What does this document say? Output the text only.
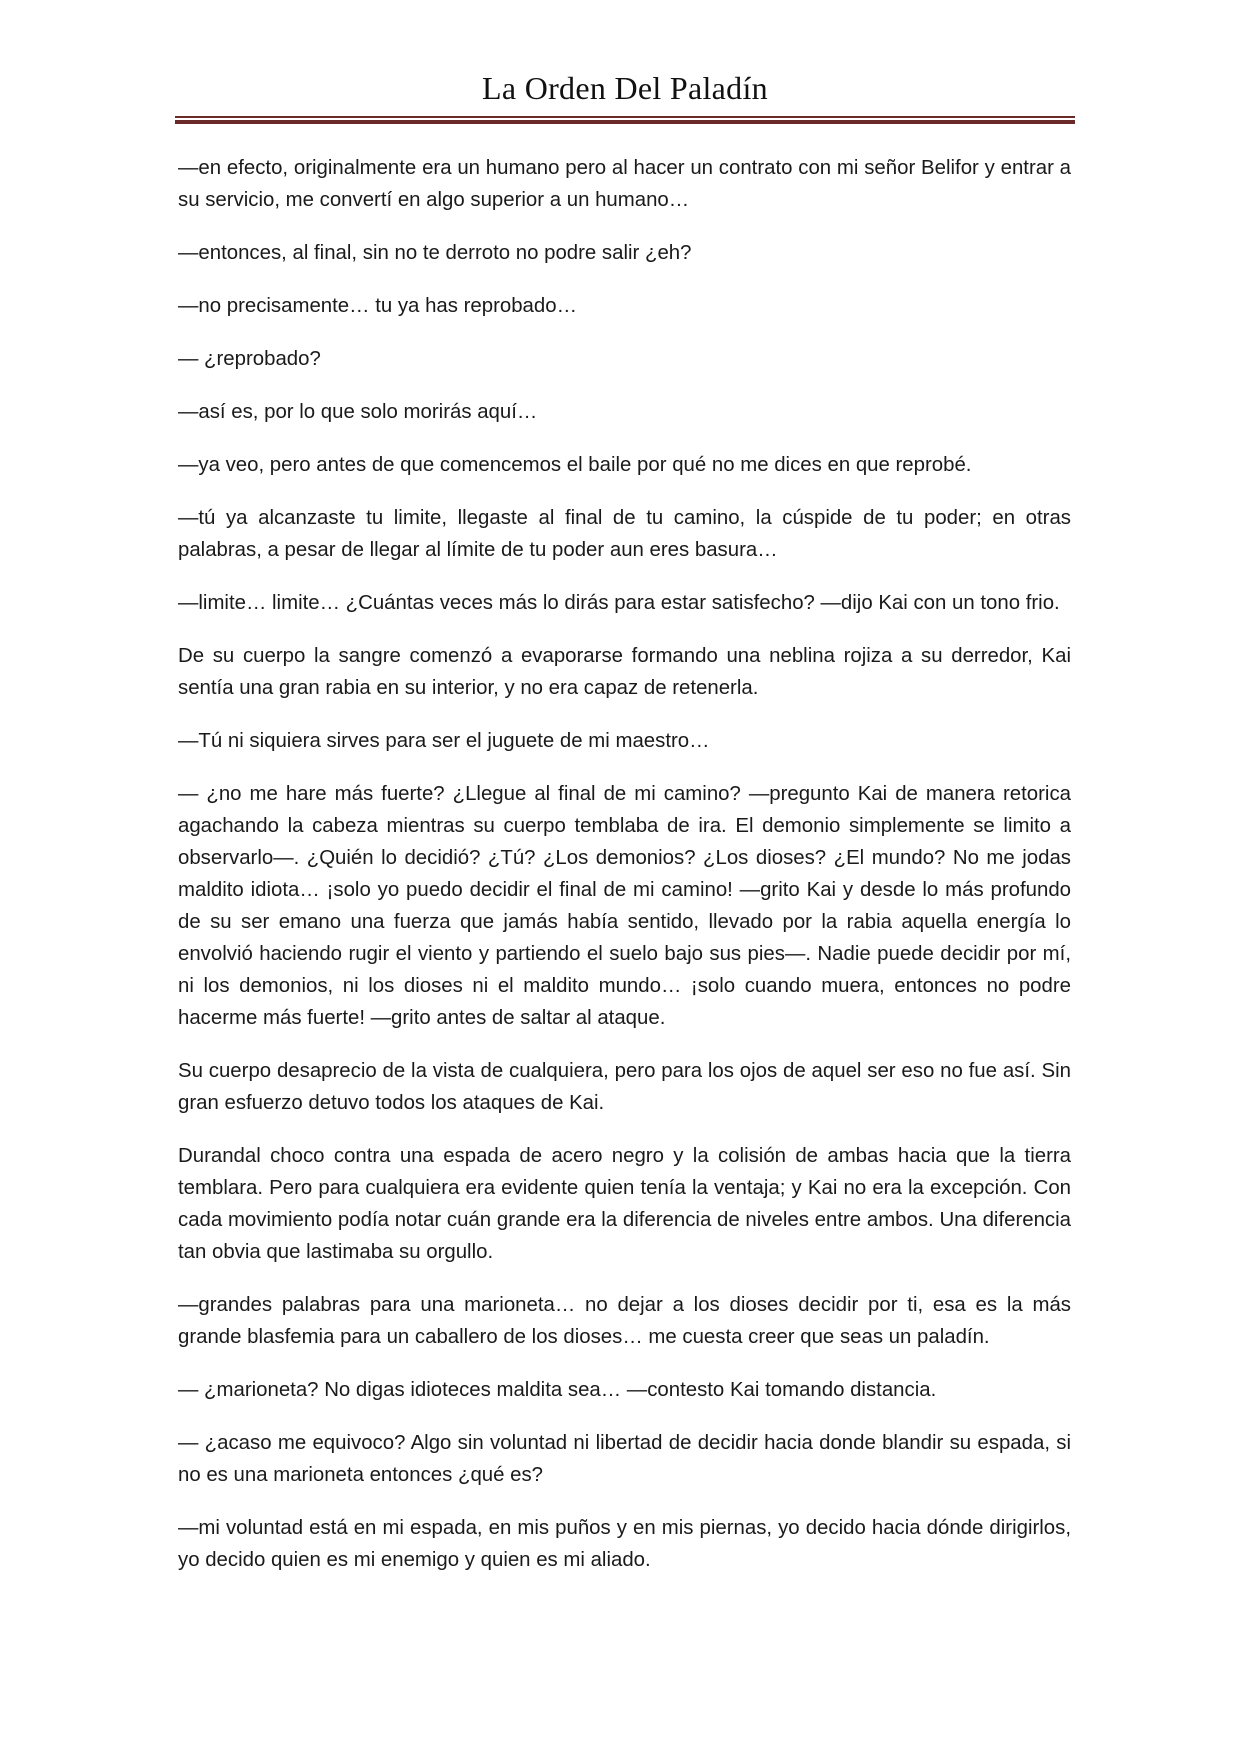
La Orden Del Paladín

—en efecto, originalmente era un humano pero al hacer un contrato con mi señor Belifor y entrar a su servicio, me convertí en algo superior a un humano…

—entonces, al final, sin no te derroto no podre salir ¿eh?

—no precisamente… tu ya has reprobado…

— ¿reprobado?

—así es, por lo que solo morirás aquí…

—ya veo, pero antes de que comencemos el baile por qué no me dices en que reprobé.

—tú ya alcanzaste tu limite, llegaste al final de tu camino, la cúspide de tu poder; en otras palabras, a pesar de llegar al límite de tu poder aun eres basura…

—limite… limite… ¿Cuántas veces más lo dirás para estar satisfecho? —dijo Kai con un tono frio.

De su cuerpo la sangre comenzó a evaporarse formando una neblina rojiza a su derredor, Kai sentía una gran rabia en su interior, y no era capaz de retenerla.

—Tú ni siquiera sirves para ser el juguete de mi maestro…

— ¿no me hare más fuerte? ¿Llegue al final de mi camino? —pregunto Kai de manera retorica agachando la cabeza mientras su cuerpo temblaba de ira. El demonio simplemente se limito a observarlo—. ¿Quién lo decidió? ¿Tú? ¿Los demonios? ¿Los dioses? ¿El mundo? No me jodas maldito idiota… ¡solo yo puedo decidir el final de mi camino! —grito Kai y desde lo más profundo de su ser emano una fuerza que jamás había sentido, llevado por la rabia aquella energía lo envolvió haciendo rugir el viento y partiendo el suelo bajo sus pies—. Nadie puede decidir por mí, ni los demonios, ni los dioses ni el maldito mundo… ¡solo cuando muera, entonces no podre hacerme más fuerte! —grito antes de saltar al ataque.

Su cuerpo desaprecio de la vista de cualquiera, pero para los ojos de aquel ser eso no fue así. Sin gran esfuerzo detuvo todos los ataques de Kai.

Durandal choco contra una espada de acero negro y la colisión de ambas hacia que la tierra temblara. Pero para cualquiera era evidente quien tenía la ventaja; y Kai no era la excepción. Con cada movimiento podía notar cuán grande era la diferencia de niveles entre ambos. Una diferencia tan obvia que lastimaba su orgullo.

—grandes palabras para una marioneta… no dejar a los dioses decidir por ti, esa es la más grande blasfemia para un caballero de los dioses… me cuesta creer que seas un paladín.

— ¿marioneta? No digas idioteces maldita sea… —contesto Kai tomando distancia.

— ¿acaso me equivoco? Algo sin voluntad ni libertad de decidir hacia donde blandir su espada, si no es una marioneta entonces ¿qué es?

—mi voluntad está en mi espada, en mis puños y en mis piernas, yo decido hacia dónde dirigirlos, yo decido quien es mi enemigo y quien es mi aliado.
